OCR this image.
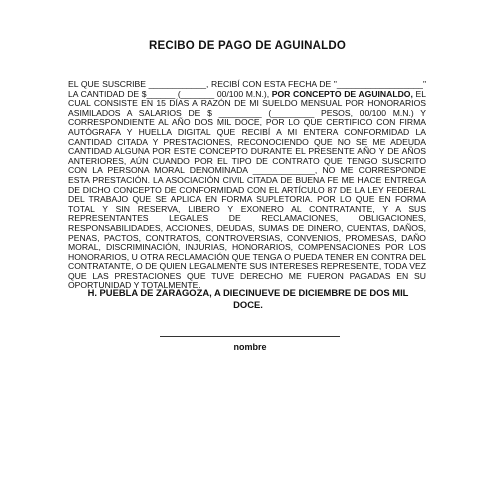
RECIBO DE PAGO DE AGUINALDO

EL QUE SUSCRIBE ____________, RECIBÍ CON ESTA FECHA DE "__________________" LA CANTIDAD DE $______ (_______ 00/100 M.N.), POR CONCEPTO DE AGUINALDO, EL CUAL CONSISTE EN 15 DÍAS A RAZÓN DE MI SUELDO MENSUAL POR HONORARIOS ASIMILADOS A SALARIOS DE $ _________ (_________ PESOS, 00/100 M.N.) Y CORRESPONDIENTE AL AÑO DOS MIL DOCE, POR LO QUE CERTIFICO CON FIRMA AUTÓGRAFA Y HUELLA DIGITAL QUE RECIBÍ A MI ENTERA CONFORMIDAD LA CANTIDAD CITADA Y PRESTACIONES, RECONOCIENDO QUE NO SE ME ADEUDA CANTIDAD ALGUNA POR ESTE CONCEPTO DURANTE EL PRESENTE AÑO Y DE AÑOS ANTERIORES, AÚN CUANDO POR EL TIPO DE CONTRATO QUE TENGO SUSCRITO CON LA PERSONA MORAL DENOMINADA _____________, NO ME CORRESPONDE ESTA PRESTACIÓN. LA ASOCIACIÓN CIVIL CITADA DE BUENA FE ME HACE ENTREGA DE DICHO CONCEPTO DE CONFORMIDAD CON EL ARTÍCULO 87 DE LA LEY FEDERAL DEL TRABAJO QUE SE APLICA EN FORMA SUPLETORIA. POR LO QUE EN FORMA TOTAL Y SIN RESERVA, LIBERO Y EXONERO AL CONTRATANTE, Y A SUS REPRESENTANTES LEGALES DE RECLAMACIONES, OBLIGACIONES, RESPONSABILIDADES, ACCIONES, DEUDAS, SUMAS DE DINERO, CUENTAS, DAÑOS, PENAS, PACTOS, CONTRATOS, CONTROVERSIAS, CONVENIOS, PROMESAS, DAÑO MORAL, DISCRIMINACIÓN, INJURIAS, HONORARIOS, COMPENSACIONES POR LOS HONORARIOS, U OTRA RECLAMACIÓN QUE TENGA O PUEDA TENER EN CONTRA DEL CONTRATANTE, O DE QUIEN LEGALMENTE SUS INTERESES REPRESENTE, TODA VEZ QUE LAS PRESTACIONES QUE TUVE DERECHO ME FUERON PAGADAS EN SU OPORTUNIDAD Y TOTALMENTE.

H. PUEBLA DE ZARAGOZA, A DIECINUEVE DE DICIEMBRE DE DOS MIL DOCE.

nombre
